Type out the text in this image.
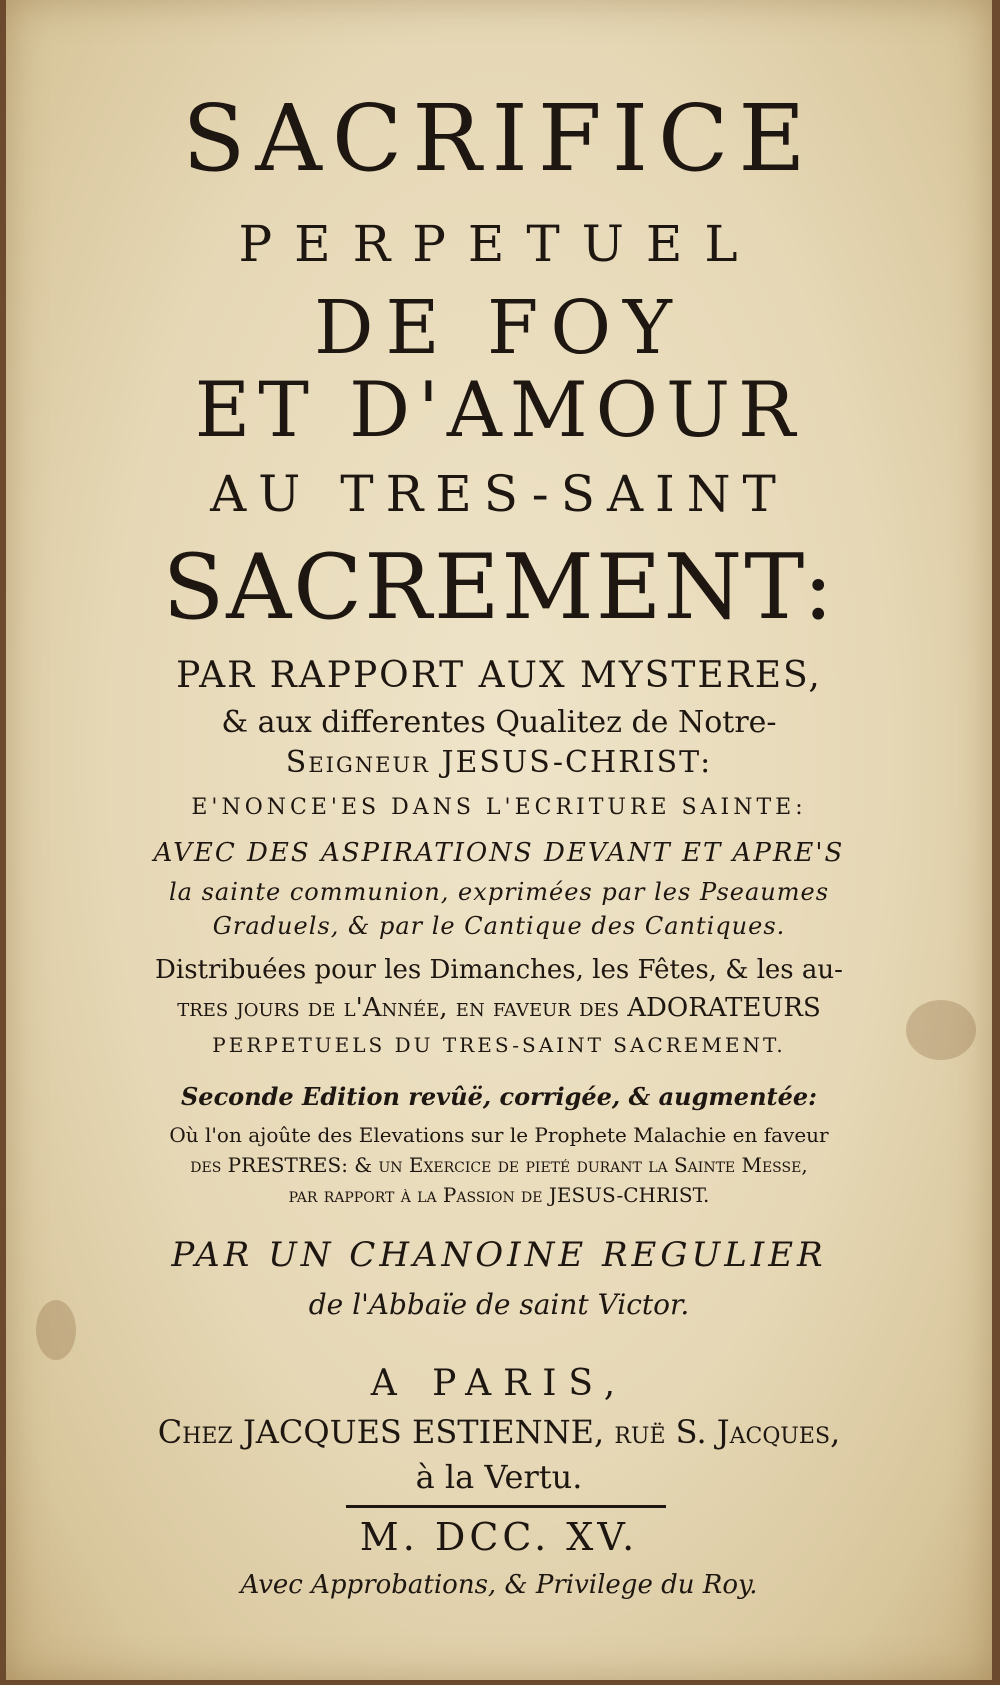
SACRIFICE
PERPETUEL
DE FOY
ET D'AMOUR
AU TRES-SAINT
SACREMENT:
PAR RAPPORT AUX MYSTERES,
& aux differentes Qualitez de Notre-
Seigneur JESUS-CHRIST:
E'NONCE'ES DANS L'ECRITURE SAINTE:
AVEC DES ASPIRATIONS DEVANT ET APRE'S
la sainte communion, exprimées par les Pseaumes
Graduels, & par le Cantique des Cantiques.
Distribuées pour les Dimanches, les Fêtes, & les au-
tres jours de l'Année, en faveur des ADORATEURS
PERPETUELS DU TRES-SAINT SACREMENT.
Seconde Edition revûë, corrigée, & augmentée:
Où l'on ajoûte des Elevations sur le Prophete Malachie en faveur
des PRESTRES: & un Exercice de pieté durant la Sainte Messe,
par rapport à la Passion de JESUS-CHRIST.
PAR UN CHANOINE REGULIER
de l'Abbaïe de saint Victor.
A PARIS,
Chez JACQUES ESTIENNE, ruë S. Jacques,
à la Vertu.
M. DCC. XV.
Avec Approbations, & Privilege du Roy.
